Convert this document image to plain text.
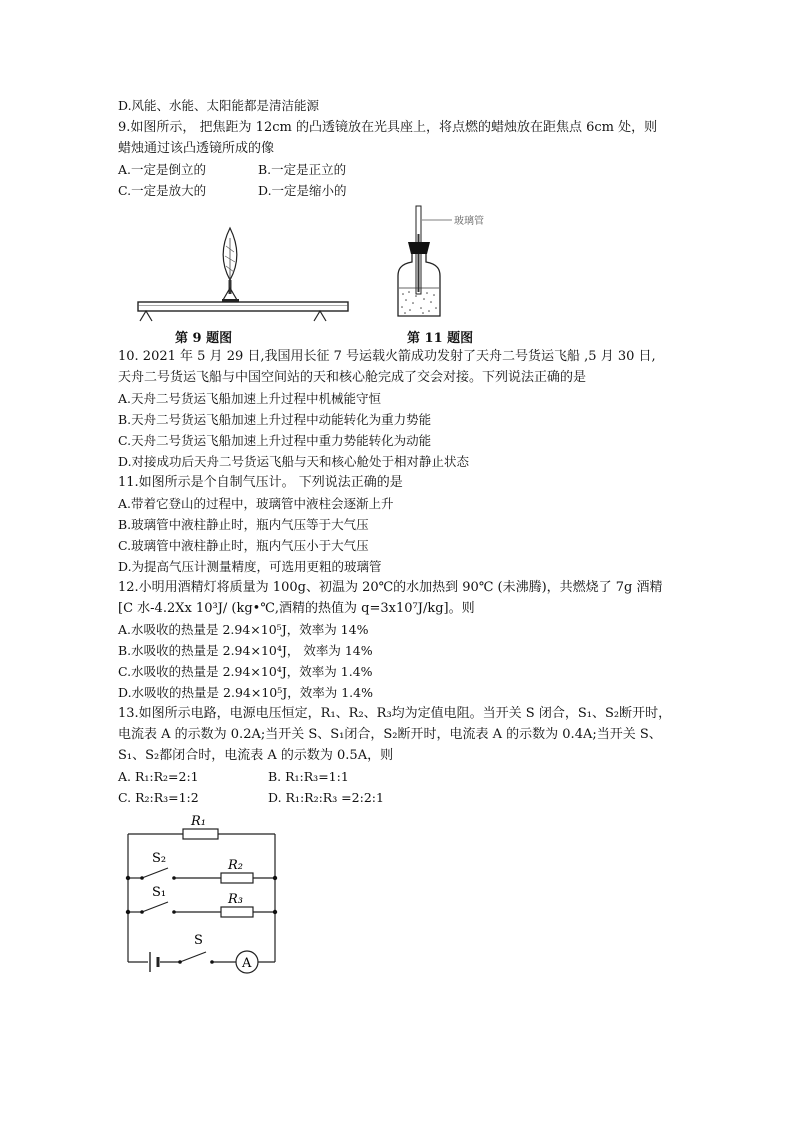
D.风能、水能、太阳能都是清洁能源
9.如图所示， 把焦距为 12cm 的凸透镜放在光具座上，将点燃的蜡烛放在距焦点 6cm 处，则
蜡烛通过该凸透镜所成的像
A.一定是倒立的	B.一定是正立的
C.一定是放大的	D.一定是缩小的
玻璃管
第 9 题图	第 11 题图
10. 2021 年 5 月 29 日,我国用长征 7 号运载火箭成功发射了天舟二号货运飞船 ,5 月 30 日,
天舟二号货运飞船与中国空间站的天和核心舱完成了交会对接。下列说法正确的是
A.天舟二号货运飞船加速上升过程中机械能守恒
B.天舟二号货运飞船加速上升过程中动能转化为重力势能
C.天舟二号货运飞船加速上升过程中重力势能转化为动能
D.对接成功后天舟二号货运飞船与天和核心舱处于相对静止状态
11.如图所示是个自制气压计。 下列说法正确的是
A.带着它登山的过程中，玻璃管中液柱会逐渐上升
B.玻璃管中液柱静止时，瓶内气压等于大气压
C.玻璃管中液柱静止时，瓶内气压小于大气压
D.为提高气压计测量精度，可选用更粗的玻璃管
12.小明用酒精灯将质量为 100g、初温为 20℃的水加热到 90℃ (未沸腾)，共燃烧了 7g 酒精
[C 水-4.2Xx 10³J/ (kg•℃,酒精的热值为 q=3x10⁷J/kg]。则
A.水吸收的热量是 2.94×10⁵J，效率为 14%
B.水吸收的热量是 2.94×10⁴J， 效率为 14%
C.水吸收的热量是 2.94×10⁴J，效率为 1.4%
D.水吸收的热量是 2.94×10⁵J，效率为 1.4%
13.如图所示电路，电源电压恒定，R₁、R₂、R₃均为定值电阻。当开关 S 闭合，S₁、S₂断开时，
电流表 A 的示数为 0.2A;当开关 S、S₁闭合，S₂断开时，电流表 A 的示数为 0.4A;当开关 S、
S₁、S₂都闭合时，电流表 A 的示数为 0.5A，则
A. R₁:R₂=2:1	B. R₁:R₃=1:1
C. R₂:R₃=1:2	D. R₁:R₂:R₃ =2:2:1
A
R₁
R₂
R₃
S₂
S₁
S
